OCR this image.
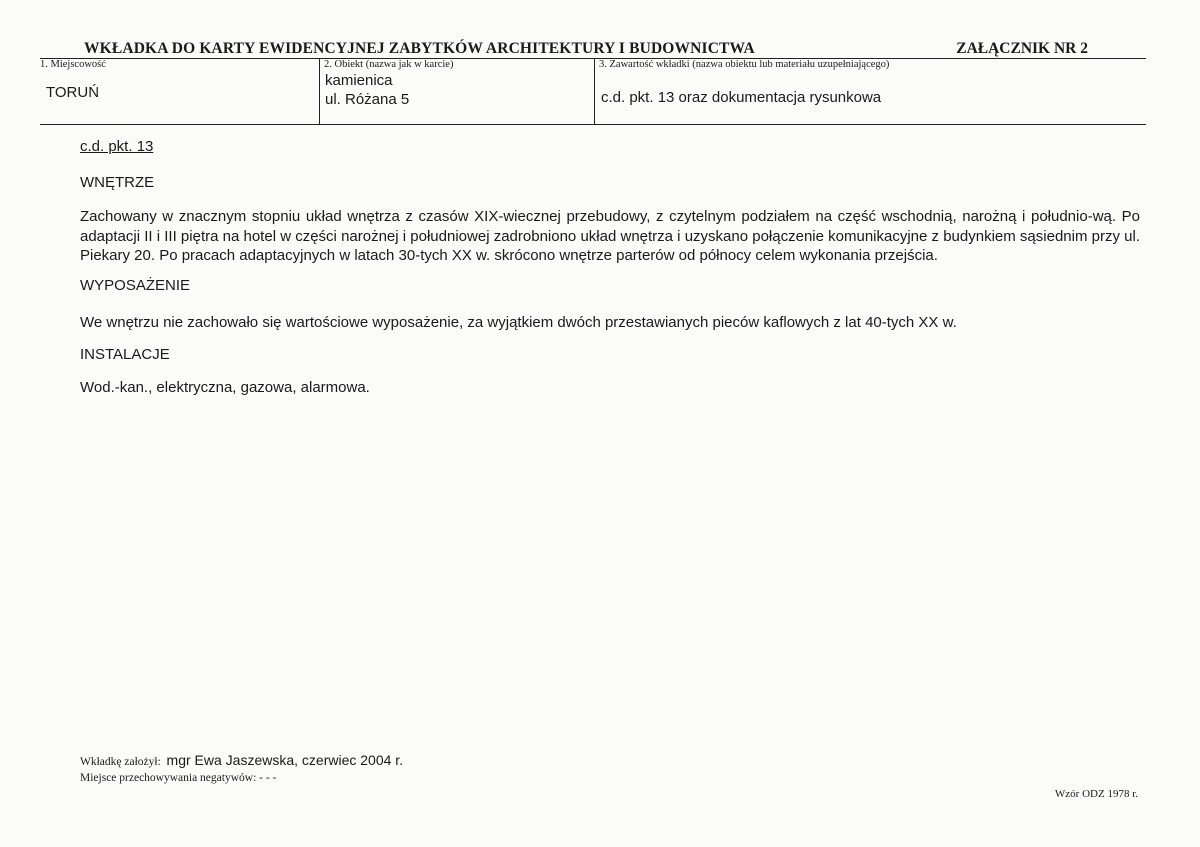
WKŁADKA DO KARTY EWIDENCYJNEJ ZABYTKÓW ARCHITEKTURY I BUDOWNICTWA	ZAŁĄCZNIK NR 2
1. Miejscowość
TORUŃ
2. Obiekt (nazwa jak w karcie)
kamienica
ul. Różana 5
3. Zawartość wkładki (nazwa obiektu lub materiału uzupełniającego)
c.d. pkt. 13 oraz dokumentacja rysunkowa
c.d. pkt. 13
WNĘTRZE
Zachowany w znacznym stopniu układ wnętrza z czasów XIX-wiecznej przebudowy, z czytelnym podziałem na część wschodnią, narożną i południo-wą. Po adaptacji II i III piętra na hotel w części narożnej i południowej zadrobniono układ wnętrza i uzyskano połączenie komunikacyjne z budynkiem sąsiednim przy ul. Piekary 20. Po pracach adaptacyjnych w latach 30-tych XX w. skrócono wnętrze parterów od północy celem wykonania przejścia.
WYPOSAŻENIE
We wnętrzu nie zachowało się wartościowe wyposażenie, za wyjątkiem dwóch przestawianych pieców kaflowych z lat 40-tych XX w.
INSTALACJE
Wod.-kan., elektryczna, gazowa, alarmowa.
Wkładkę założył: mgr Ewa Jaszewska, czerwiec 2004 r.
Miejsce przechowywania negatywów: - - -
Wzór ODZ 1978 r.
